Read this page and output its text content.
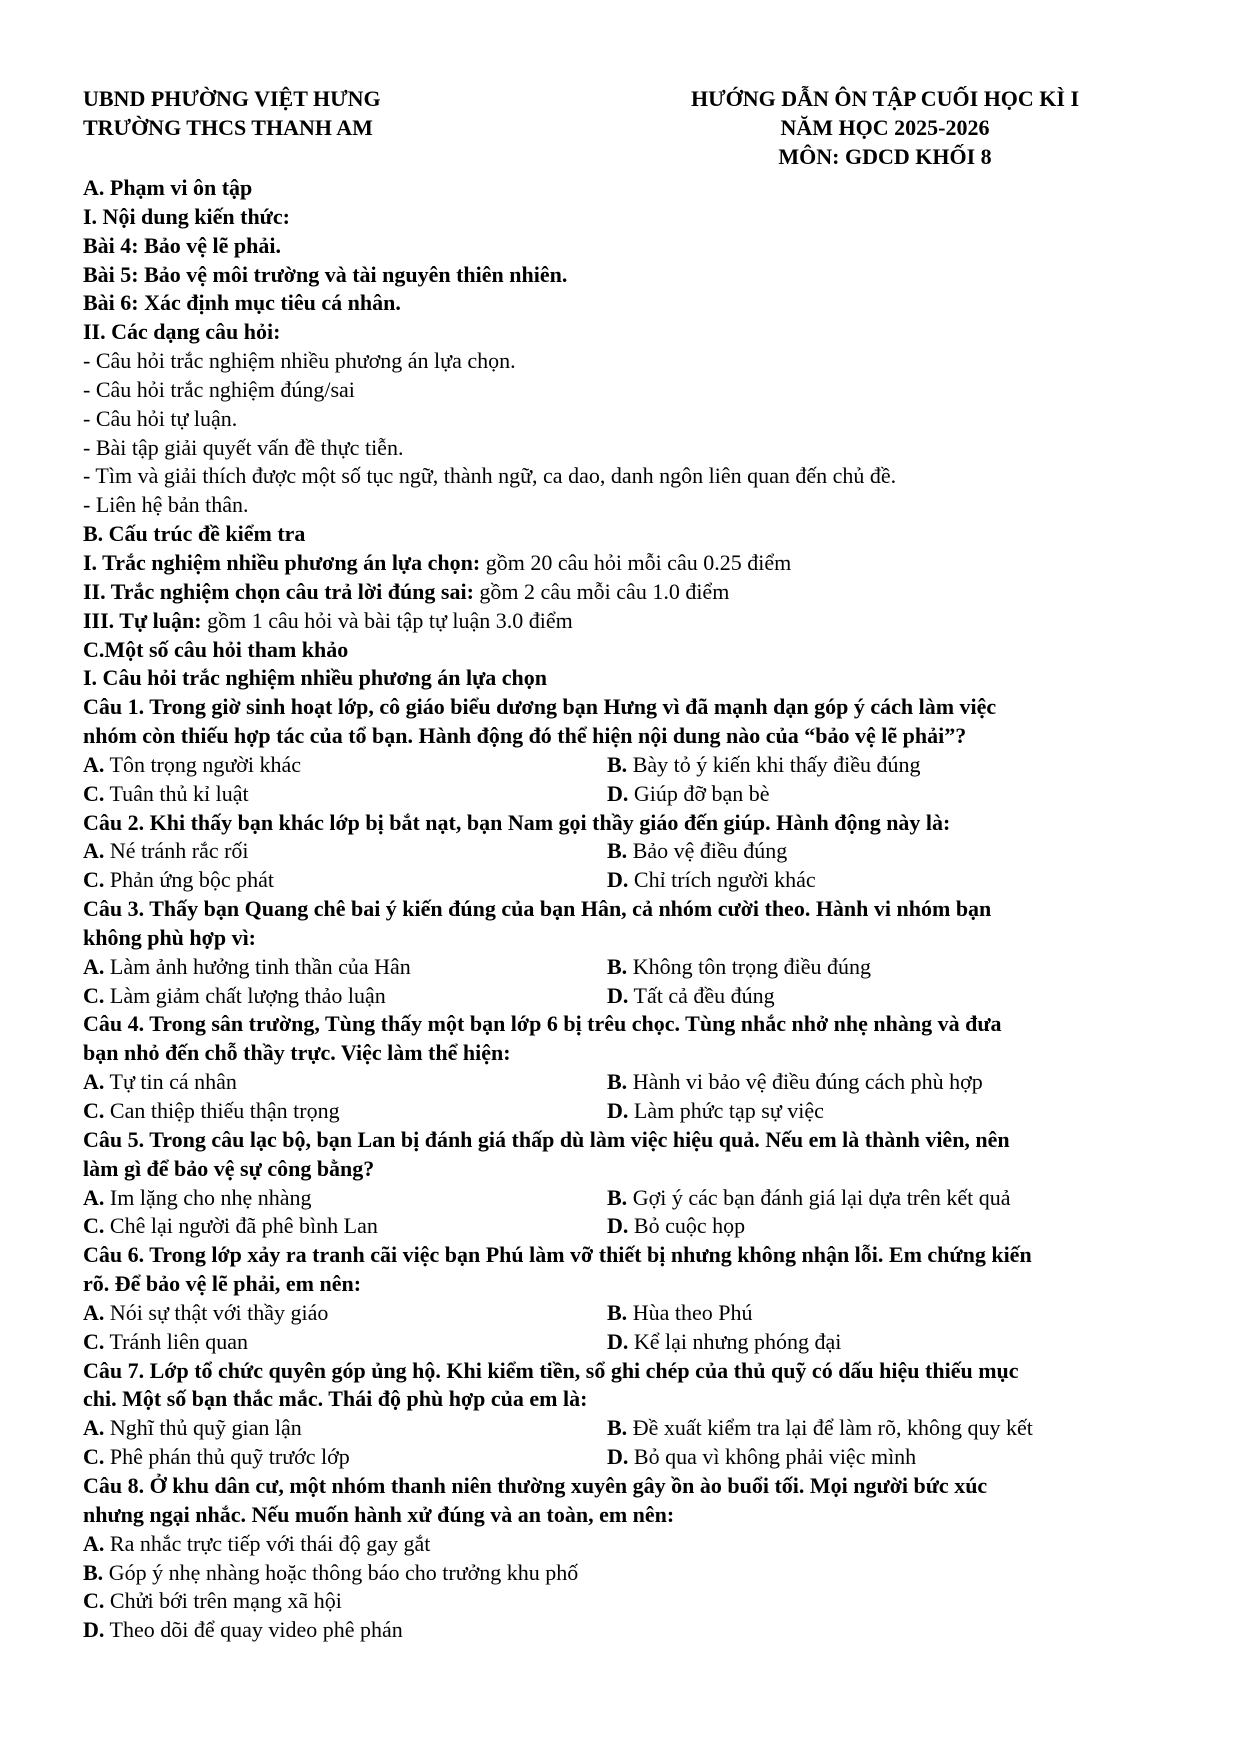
UBND PHƯỜNG VIỆT HƯNG
TRƯỜNG THCS THANH AM
HƯỚNG DẪN ÔN TẬP CUỐI HỌC KÌ I
NĂM HỌC 2025-2026
MÔN: GDCD KHỐI 8
A. Phạm vi ôn tập
I. Nội dung kiến thức:
Bài 4: Bảo vệ lẽ phải.
Bài 5: Bảo vệ môi trường và tài nguyên thiên nhiên.
Bài 6: Xác định mục tiêu cá nhân.
II. Các dạng câu hỏi:
- Câu hỏi trắc nghiệm nhiều phương án lựa chọn.
- Câu hỏi trắc nghiệm đúng/sai
- Câu hỏi tự luận.
- Bài tập giải quyết vấn đề thực tiễn.
- Tìm và giải thích được một số tục ngữ, thành ngữ, ca dao, danh ngôn liên quan đến chủ đề.
- Liên hệ bản thân.
B. Cấu trúc đề kiểm tra
I. Trắc nghiệm nhiều phương án lựa chọn: gồm 20 câu hỏi mỗi câu 0.25 điểm
II. Trắc nghiệm chọn câu trả lời đúng sai: gồm 2 câu mỗi câu 1.0 điểm
III. Tự luận: gồm 1 câu hỏi và bài tập tự luận 3.0 điểm
C.Một số câu hỏi tham khảo
I. Câu hỏi trắc nghiệm nhiều phương án lựa chọn
Câu 1. Trong giờ sinh hoạt lớp, cô giáo biểu dương bạn Hưng vì đã mạnh dạn góp ý cách làm việc
nhóm còn thiếu hợp tác của tổ bạn. Hành động đó thể hiện nội dung nào của “bảo vệ lẽ phải”?
A. Tôn trọng người khác	B. Bày tỏ ý kiến khi thấy điều đúng
C. Tuân thủ kỉ luật	D. Giúp đỡ bạn bè
Câu 2. Khi thấy bạn khác lớp bị bắt nạt, bạn Nam gọi thầy giáo đến giúp. Hành động này là:
A. Né tránh rắc rối	B. Bảo vệ điều đúng
C. Phản ứng bộc phát	D. Chỉ trích người khác
Câu 3. Thấy bạn Quang chê bai ý kiến đúng của bạn Hân, cả nhóm cười theo. Hành vi nhóm bạn
không phù hợp vì:
A. Làm ảnh hưởng tinh thần của Hân	B. Không tôn trọng điều đúng
C. Làm giảm chất lượng thảo luận	D. Tất cả đều đúng
Câu 4. Trong sân trường, Tùng thấy một bạn lớp 6 bị trêu chọc. Tùng nhắc nhở nhẹ nhàng và đưa
bạn nhỏ đến chỗ thầy trực. Việc làm thể hiện:
A. Tự tin cá nhân	B. Hành vi bảo vệ điều đúng cách phù hợp
C. Can thiệp thiếu thận trọng	D. Làm phức tạp sự việc
Câu 5. Trong câu lạc bộ, bạn Lan bị đánh giá thấp dù làm việc hiệu quả. Nếu em là thành viên, nên
làm gì để bảo vệ sự công bằng?
A. Im lặng cho nhẹ nhàng	B. Gợi ý các bạn đánh giá lại dựa trên kết quả
C. Chê lại người đã phê bình Lan	D. Bỏ cuộc họp
Câu 6. Trong lớp xảy ra tranh cãi việc bạn Phú làm vỡ thiết bị nhưng không nhận lỗi. Em chứng kiến
rõ. Để bảo vệ lẽ phải, em nên:
A. Nói sự thật với thầy giáo	B. Hùa theo Phú
C. Tránh liên quan	D. Kể lại nhưng phóng đại
Câu 7. Lớp tổ chức quyên góp ủng hộ. Khi kiểm tiền, sổ ghi chép của thủ quỹ có dấu hiệu thiếu mục
chi. Một số bạn thắc mắc. Thái độ phù hợp của em là:
A. Nghĩ thủ quỹ gian lận	B. Đề xuất kiểm tra lại để làm rõ, không quy kết
C. Phê phán thủ quỹ trước lớp	D. Bỏ qua vì không phải việc mình
Câu 8. Ở khu dân cư, một nhóm thanh niên thường xuyên gây ồn ào buổi tối. Mọi người bức xúc
nhưng ngại nhắc. Nếu muốn hành xử đúng và an toàn, em nên:
A. Ra nhắc trực tiếp với thái độ gay gắt
B. Góp ý nhẹ nhàng hoặc thông báo cho trưởng khu phố
C. Chửi bới trên mạng xã hội
D. Theo dõi để quay video phê phán
